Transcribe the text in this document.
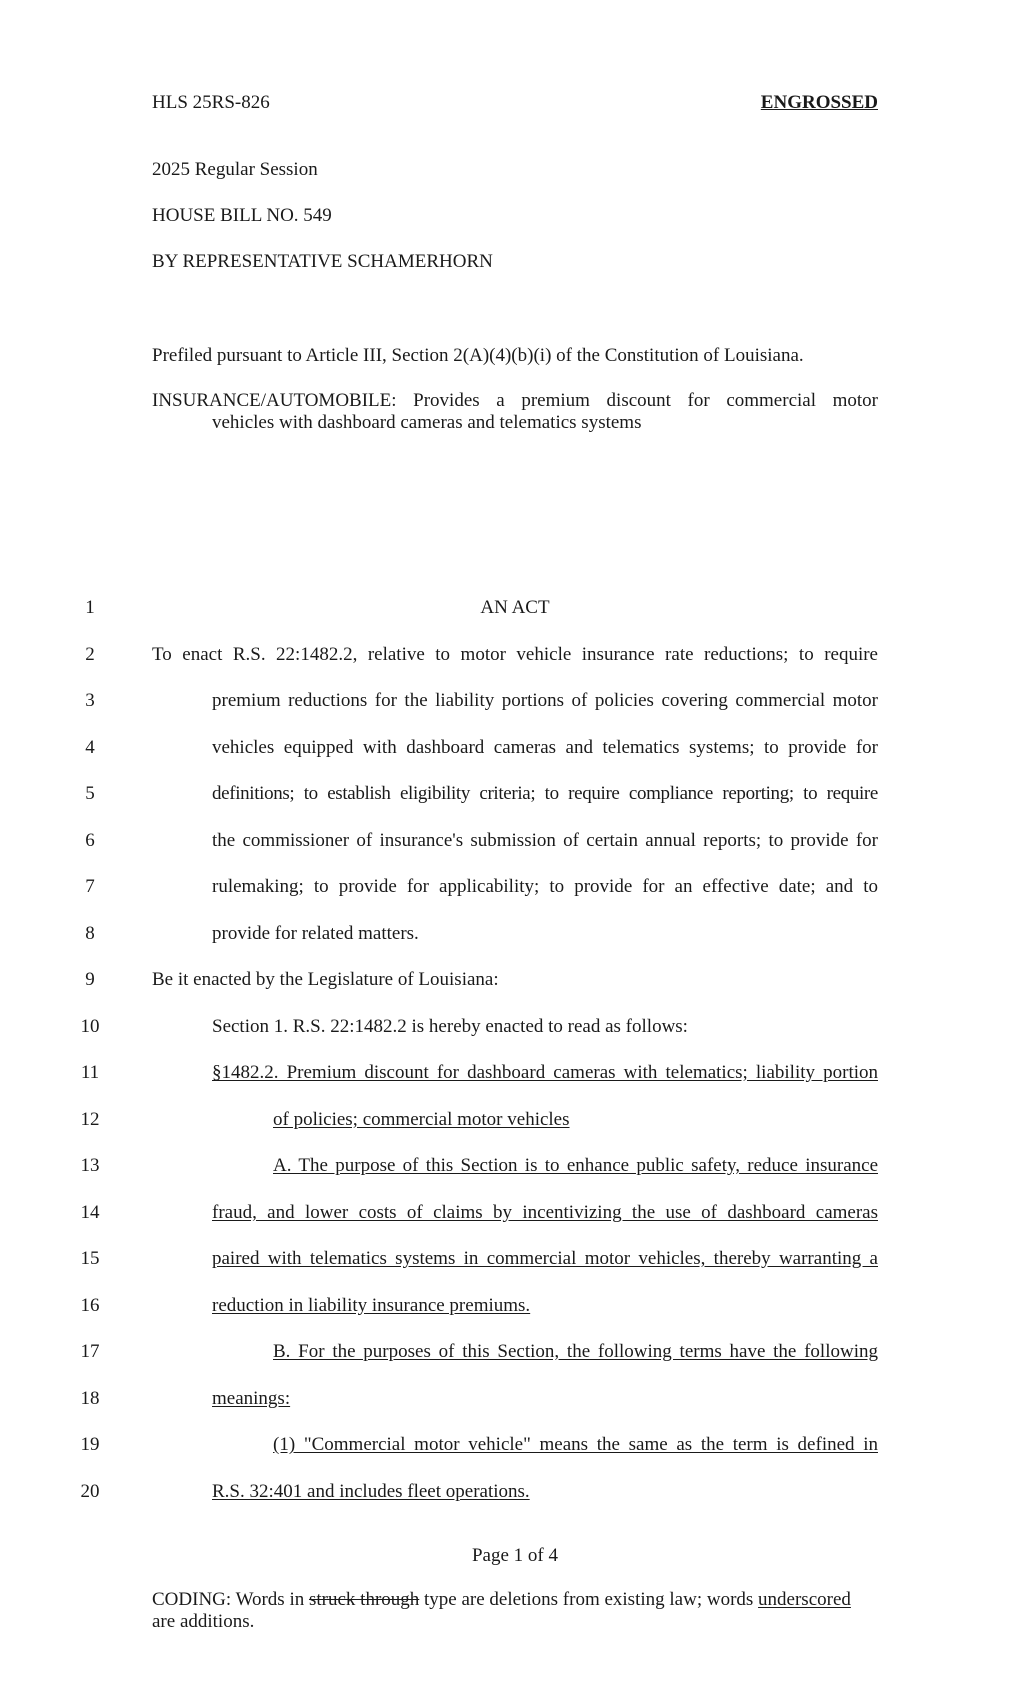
HLS 25RS-826	ENGROSSED
2025 Regular Session
HOUSE BILL NO. 549
BY REPRESENTATIVE SCHAMERHORN
Prefiled pursuant to Article III, Section 2(A)(4)(b)(i) of the Constitution of Louisiana.
INSURANCE/AUTOMOBILE: Provides a premium discount for commercial motor
vehicles with dashboard cameras and telematics systems
1	AN ACT
2	To enact R.S. 22:1482.2, relative to motor vehicle insurance rate reductions; to require
3	premium reductions for the liability portions of policies covering commercial motor
4	vehicles equipped with dashboard cameras and telematics systems; to provide for
5	definitions; to establish eligibility criteria; to require compliance reporting; to require
6	the commissioner of insurance's submission of certain annual reports; to provide for
7	rulemaking; to provide for applicability; to provide for an effective date; and to
8	provide for related matters.
9	Be it enacted by the Legislature of Louisiana:
10	Section 1. R.S. 22:1482.2 is hereby enacted to read as follows:
11	§1482.2. Premium discount for dashboard cameras with telematics; liability portion
12	of policies; commercial motor vehicles
13	A. The purpose of this Section is to enhance public safety, reduce insurance
14	fraud, and lower costs of claims by incentivizing the use of dashboard cameras
15	paired with telematics systems in commercial motor vehicles, thereby warranting a
16	reduction in liability insurance premiums.
17	B. For the purposes of this Section, the following terms have the following
18	meanings:
19	(1) "Commercial motor vehicle" means the same as the term is defined in
20	R.S. 32:401 and includes fleet operations.
Page 1 of 4
CODING: Words in struck through type are deletions from existing law; words underscored are additions.
